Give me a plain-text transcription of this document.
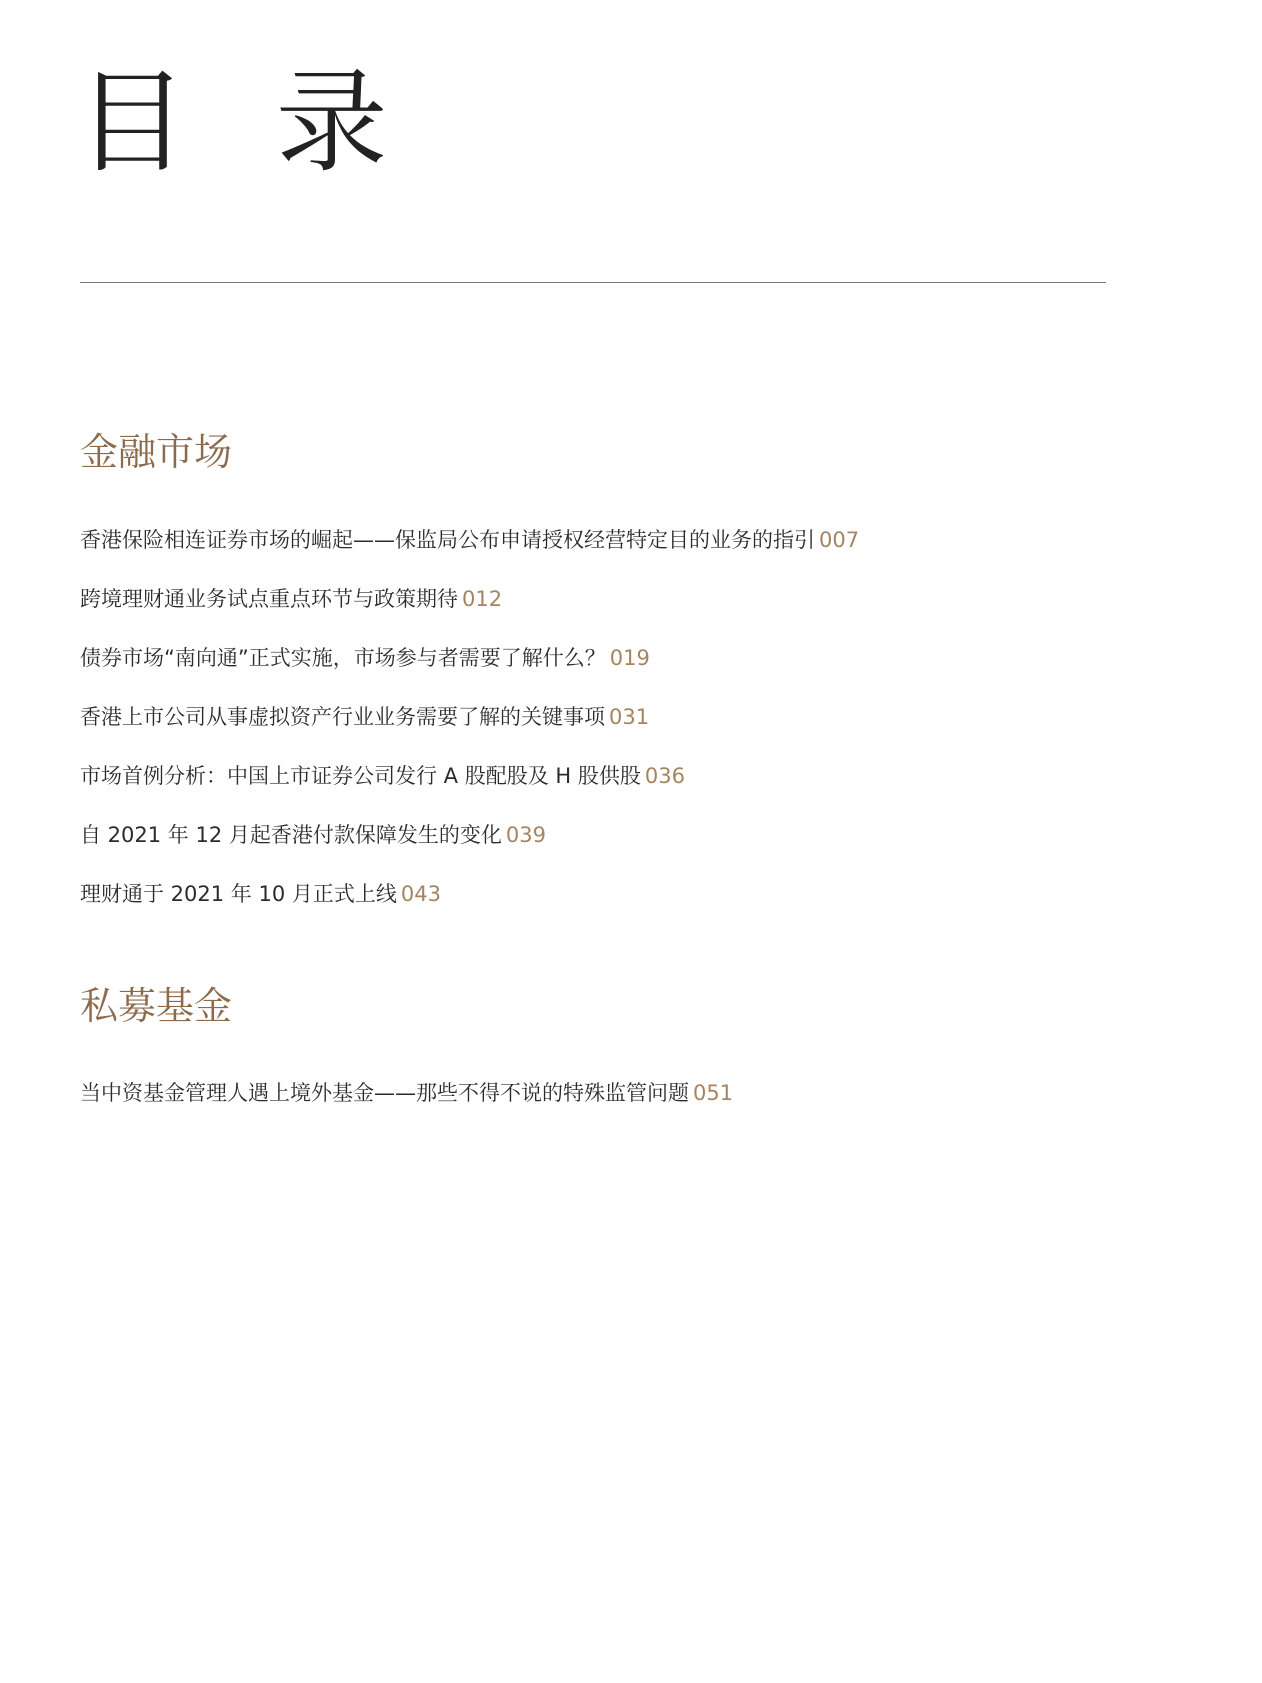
目 录
金融市场
香港保险相连证券市场的崛起——保监局公布申请授权经营特定目的业务的指引 007
跨境理财通业务试点重点环节与政策期待 012
债券市场“南向通”正式实施，市场参与者需要了解什么？ 019
香港上市公司从事虚拟资产行业业务需要了解的关键事项 031
市场首例分析：中国上市证券公司发行 A 股配股及 H 股供股 036
自 2021 年 12 月起香港付款保障发生的变化 039
理财通于 2021 年 10 月正式上线 043
私募基金
当中资基金管理人遇上境外基金——那些不得不说的特殊监管问题 051
